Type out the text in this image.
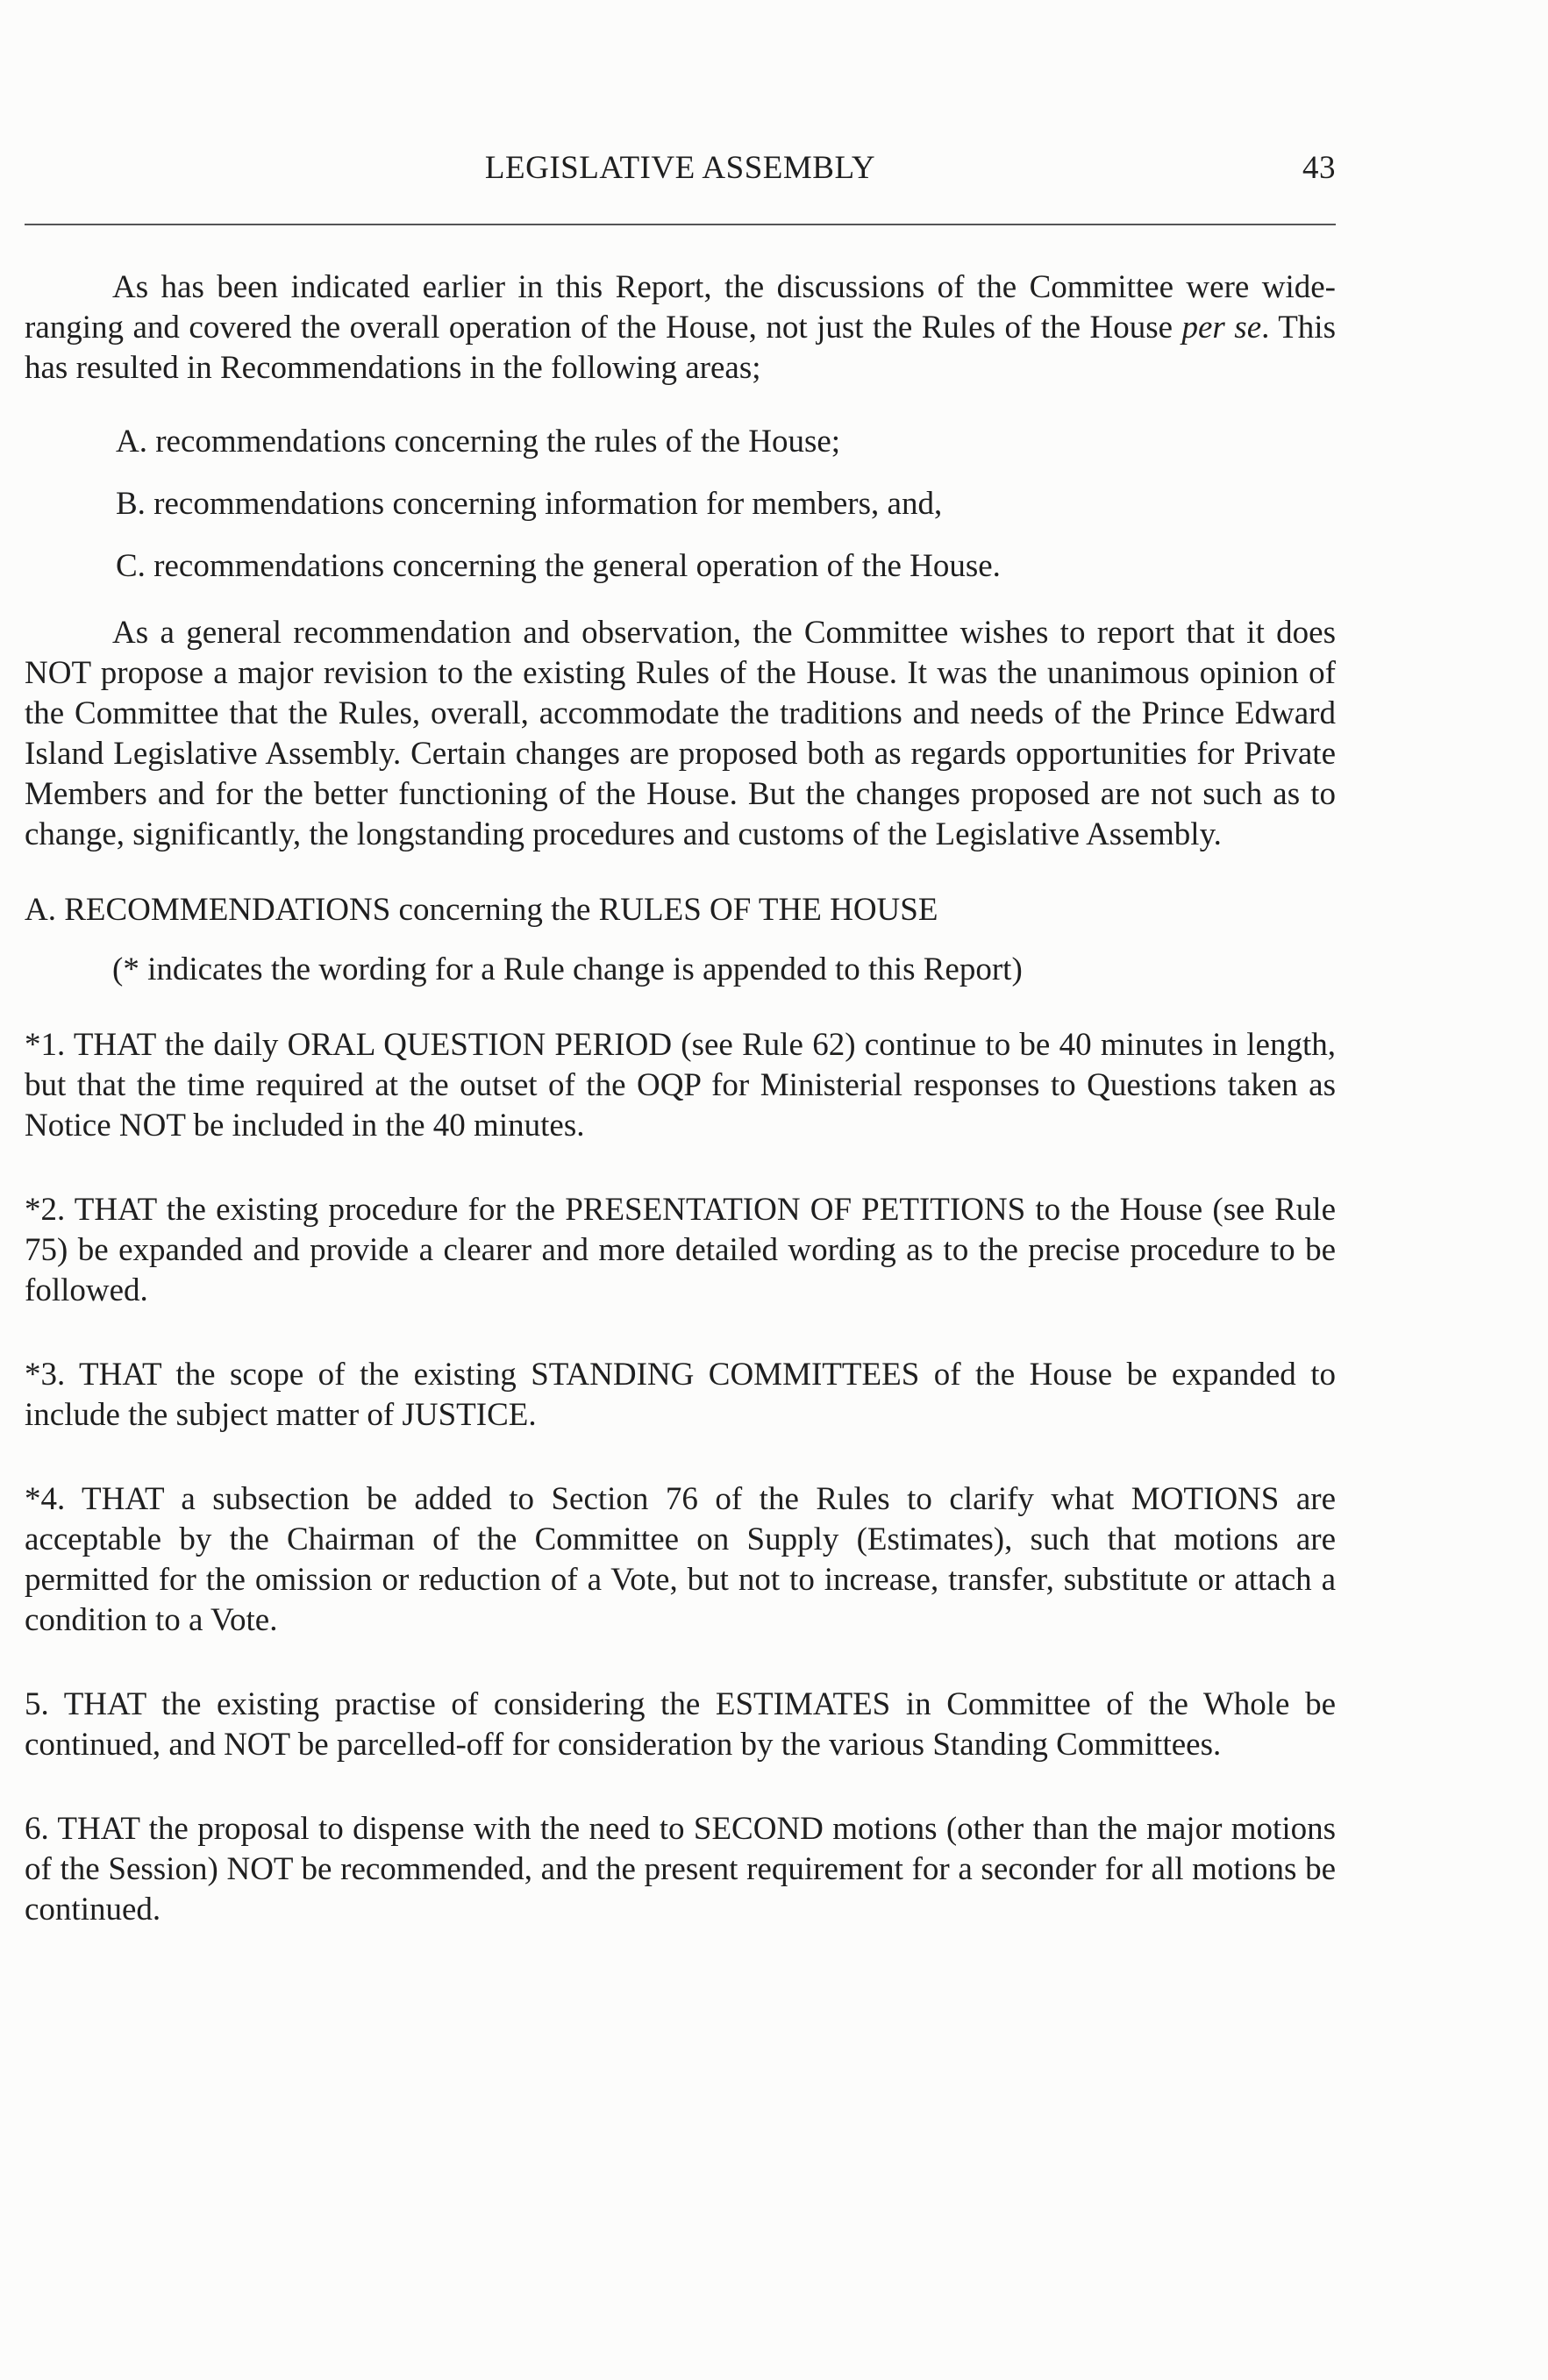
LEGISLATIVE ASSEMBLY	43

As has been indicated earlier in this Report, the discussions of the Committee were wide-ranging and covered the overall operation of the House, not just the Rules of the House per se. This has resulted in Recommendations in the following areas;

A. recommendations concerning the rules of the House;
B. recommendations concerning information for members, and,
C. recommendations concerning the general operation of the House.

As a general recommendation and observation, the Committee wishes to report that it does NOT propose a major revision to the existing Rules of the House. It was the unanimous opinion of the Committee that the Rules, overall, accommodate the traditions and needs of the Prince Edward Island Legislative Assembly. Certain changes are proposed both as regards opportunities for Private Members and for the better functioning of the House. But the changes proposed are not such as to change, significantly, the longstanding procedures and customs of the Legislative Assembly.

A. RECOMMENDATIONS concerning the RULES OF THE HOUSE

(* indicates the wording for a Rule change is appended to this Report)

*1. THAT the daily ORAL QUESTION PERIOD (see Rule 62) continue to be 40 minutes in length, but that the time required at the outset of the OQP for Ministerial responses to Questions taken as Notice NOT be included in the 40 minutes.

*2. THAT the existing procedure for the PRESENTATION OF PETITIONS to the House (see Rule 75) be expanded and provide a clearer and more detailed wording as to the precise procedure to be followed.

*3. THAT the scope of the existing STANDING COMMITTEES of the House be expanded to include the subject matter of JUSTICE.

*4. THAT a subsection be added to Section 76 of the Rules to clarify what MOTIONS are acceptable by the Chairman of the Committee on Supply (Estimates), such that motions are permitted for the omission or reduction of a Vote, but not to increase, transfer, substitute or attach a condition to a Vote.

5. THAT the existing practise of considering the ESTIMATES in Committee of the Whole be continued, and NOT be parcelled-off for consideration by the various Standing Committees.

6. THAT the proposal to dispense with the need to SECOND motions (other than the major motions of the Session) NOT be recommended, and the present requirement for a seconder for all motions be continued.
